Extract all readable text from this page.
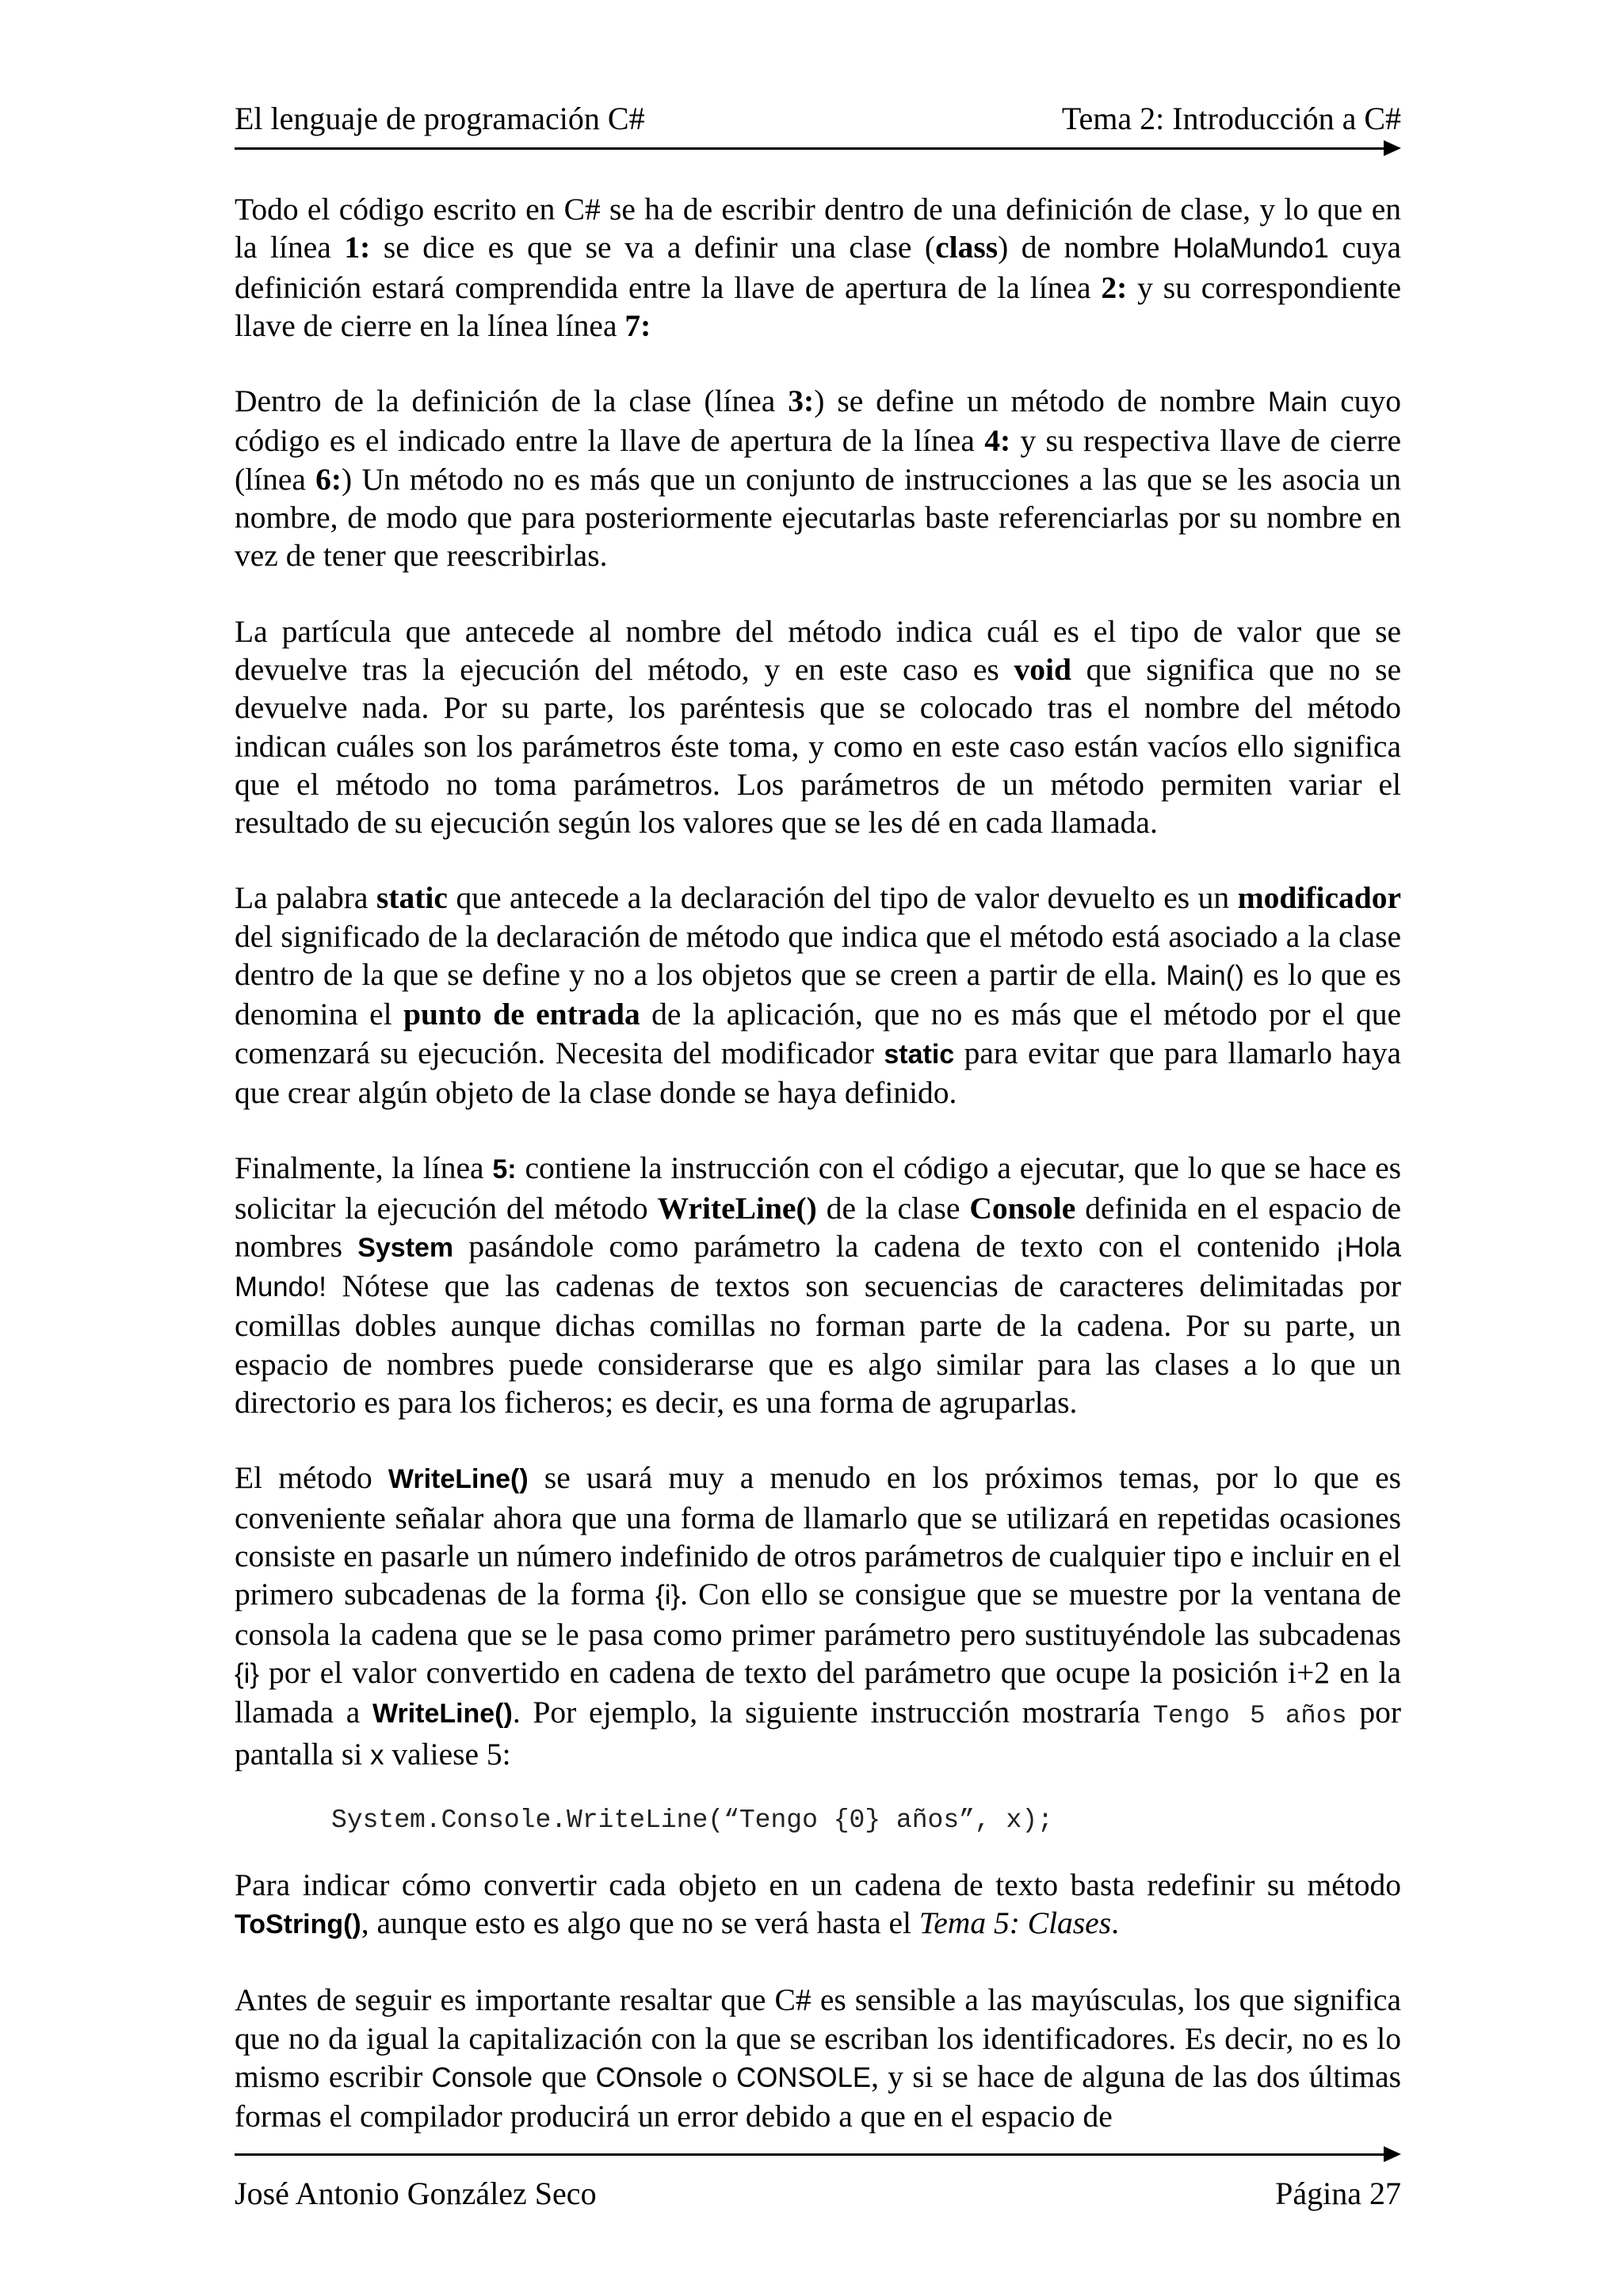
El lenguaje de programación C#	Tema 2: Introducción a C#

Todo el código escrito en C# se ha de escribir dentro de una definición de clase, y lo que en la línea 1: se dice es que se va a definir una clase (class) de nombre HolaMundo1 cuya definición estará comprendida entre la llave de apertura de la línea 2: y su correspondiente llave de cierre en la línea línea 7:

Dentro de la definición de la clase (línea 3:) se define un método de nombre Main cuyo código es el indicado entre la llave de apertura de la línea 4: y su respectiva llave de cierre (línea 6:) Un método no es más que un conjunto de instrucciones a las que se les asocia un nombre, de modo que para posteriormente ejecutarlas baste referenciarlas por su nombre en vez de tener que reescribirlas.

La partícula que antecede al nombre del método indica cuál es el tipo de valor que se devuelve tras la ejecución del método, y en este caso es void que significa que no se devuelve nada. Por su parte, los paréntesis que se colocado tras el nombre del método indican cuáles son los parámetros éste toma, y como en este caso están vacíos ello significa que el método no toma parámetros. Los parámetros de un método permiten variar el resultado de su ejecución según los valores que se les dé en cada llamada.

La palabra static que antecede a la declaración del tipo de valor devuelto es un modificador del significado de la declaración de método que indica que el método está asociado a la clase dentro de la que se define y no a los objetos que se creen a partir de ella. Main() es lo que es denomina el punto de entrada de la aplicación, que no es más que el método por el que comenzará su ejecución. Necesita del modificador static para evitar que para llamarlo haya que crear algún objeto de la clase donde se haya definido.

Finalmente, la línea 5: contiene la instrucción con el código a ejecutar, que lo que se hace es solicitar la ejecución del método WriteLine() de la clase Console definida en el espacio de nombres System pasándole como parámetro la cadena de texto con el contenido ¡Hola Mundo! Nótese que las cadenas de textos son secuencias de caracteres delimitadas por comillas dobles aunque dichas comillas no forman parte de la cadena. Por su parte, un espacio de nombres puede considerarse que es algo similar para las clases a lo que un directorio es para los ficheros; es decir, es una forma de agruparlas.

El método WriteLine() se usará muy a menudo en los próximos temas, por lo que es conveniente señalar ahora que una forma de llamarlo que se utilizará en repetidas ocasiones consiste en pasarle un número indefinido de otros parámetros de cualquier tipo e incluir en el primero subcadenas de la forma {i}. Con ello se consigue que se muestre por la ventana de consola la cadena que se le pasa como primer parámetro pero sustituyéndole las subcadenas {i} por el valor convertido en cadena de texto del parámetro que ocupe la posición i+2 en la llamada a WriteLine(). Por ejemplo, la siguiente instrucción mostraría Tengo 5 años por pantalla si x valiese 5:

System.Console.WriteLine(“Tengo {0} años”, x);

Para indicar cómo convertir cada objeto en un cadena de texto basta redefinir su método ToString(), aunque esto es algo que no se verá hasta el Tema 5: Clases.

Antes de seguir es importante resaltar que C# es sensible a las mayúsculas, los que significa que no da igual la capitalización con la que se escriban los identificadores. Es decir, no es lo mismo escribir Console que COnsole o CONSOLE, y si se hace de alguna de las dos últimas formas el compilador producirá un error debido a que en el espacio de

José Antonio González Seco	Página 27
